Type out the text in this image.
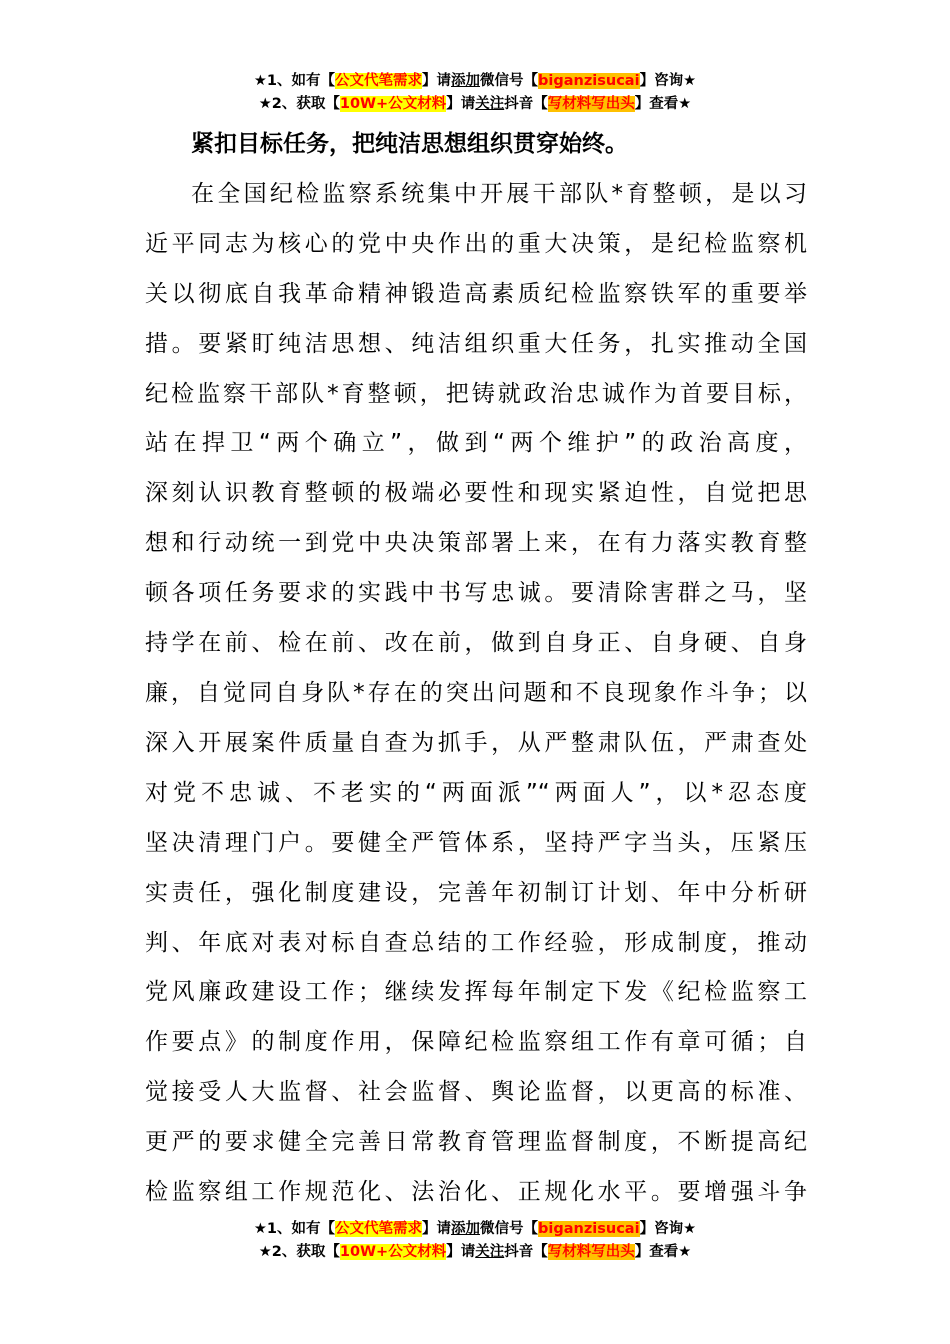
★1、如有【公文代笔需求】请添加微信号【biganzisucai】咨询★
★2、获取【10W+公文材料】请关注抖音【写材料写出头】查看★

紧扣目标任务，把纯洁思想组织贯穿始终。

在全国纪检监察系统集中开展干部队*育整顿，是以习
近平同志为核心的党中央作出的重大决策，是纪检监察机
关以彻底自我革命精神锻造高素质纪检监察铁军的重要举
措。要紧盯纯洁思想、纯洁组织重大任务，扎实推动全国
纪检监察干部队*育整顿，把铸就政治忠诚作为首要目标，
站在捍卫“两个确立”，做到“两个维护”的政治高度，
深刻认识教育整顿的极端必要性和现实紧迫性，自觉把思
想和行动统一到党中央决策部署上来，在有力落实教育整
顿各项任务要求的实践中书写忠诚。要清除害群之马，坚
持学在前、检在前、改在前，做到自身正、自身硬、自身
廉，自觉同自身队*存在的突出问题和不良现象作斗争；以
深入开展案件质量自查为抓手，从严整肃队伍，严肃查处
对党不忠诚、不老实的“两面派”“两面人”，以*忍态度
坚决清理门户。要健全严管体系，坚持严字当头，压紧压
实责任，强化制度建设，完善年初制订计划、年中分析研
判、年底对表对标自查总结的工作经验，形成制度，推动
党风廉政建设工作；继续发挥每年制定下发《纪检监察工
作要点》的制度作用，保障纪检监察组工作有章可循；自
觉接受人大监督、社会监督、舆论监督，以更高的标准、
更严的要求健全完善日常教育管理监督制度，不断提高纪
检监察组工作规范化、法治化、正规化水平。要增强斗争

★1、如有【公文代笔需求】请添加微信号【biganzisucai】咨询★
★2、获取【10W+公文材料】请关注抖音【写材料写出头】查看★
